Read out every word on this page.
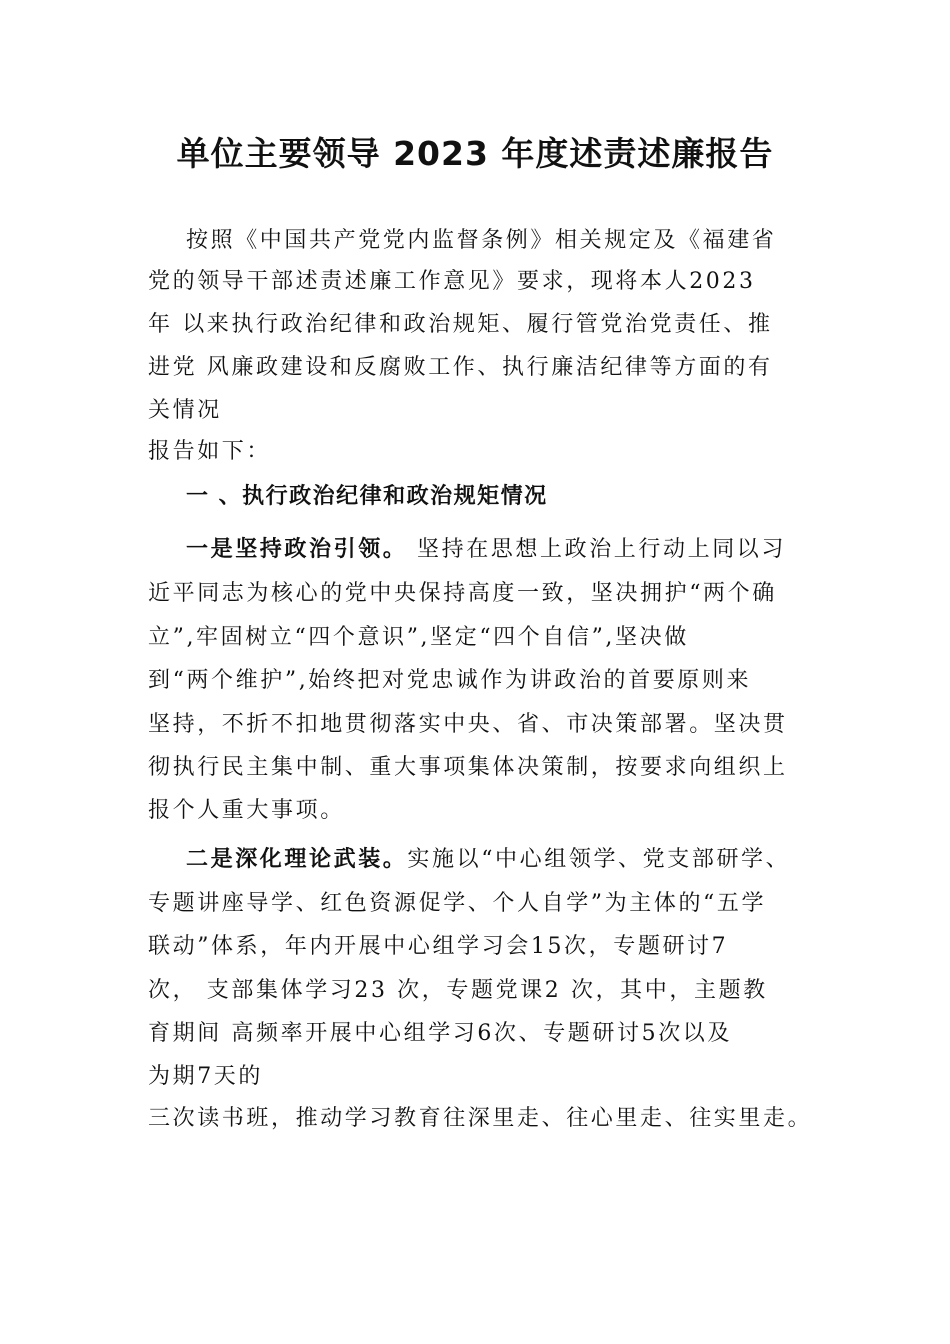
单位主要领导 2023 年度述责述廉报告
按照《中国共产党党内监督条例》相关规定及《福建省
党的领导干部述责述廉工作意见》要求，现将本人2023
年 以来执行政治纪律和政治规矩、履行管党治党责任、推
进党 风廉政建设和反腐败工作、执行廉洁纪律等方面的有
关情况
报告如下：
一 、执行政治纪律和政治规矩情况
一是坚持政治引领。 坚持在思想上政治上行动上同以习
近平同志为核心的党中央保持高度一致，坚决拥护“两个确
立”,牢固树立“四个意识”,坚定“四个自信”,坚决做
到“两个维护”,始终把对党忠诚作为讲政治的首要原则来
坚持，不折不扣地贯彻落实中央、省、市决策部署。坚决贯
彻执行民主集中制、重大事项集体决策制，按要求向组织上
报个人重大事项。
二是深化理论武装。实施以“中心组领学、党支部研学、
专题讲座导学、红色资源促学、个人自学”为主体的“五学
联动”体系，年内开展中心组学习会15次，专题研讨7
次， 支部集体学习23 次，专题党课2 次，其中，主题教
育期间 高频率开展中心组学习6次、专题研讨5次以及
为期7天的
三次读书班，推动学习教育往深里走、往心里走、往实里走。
